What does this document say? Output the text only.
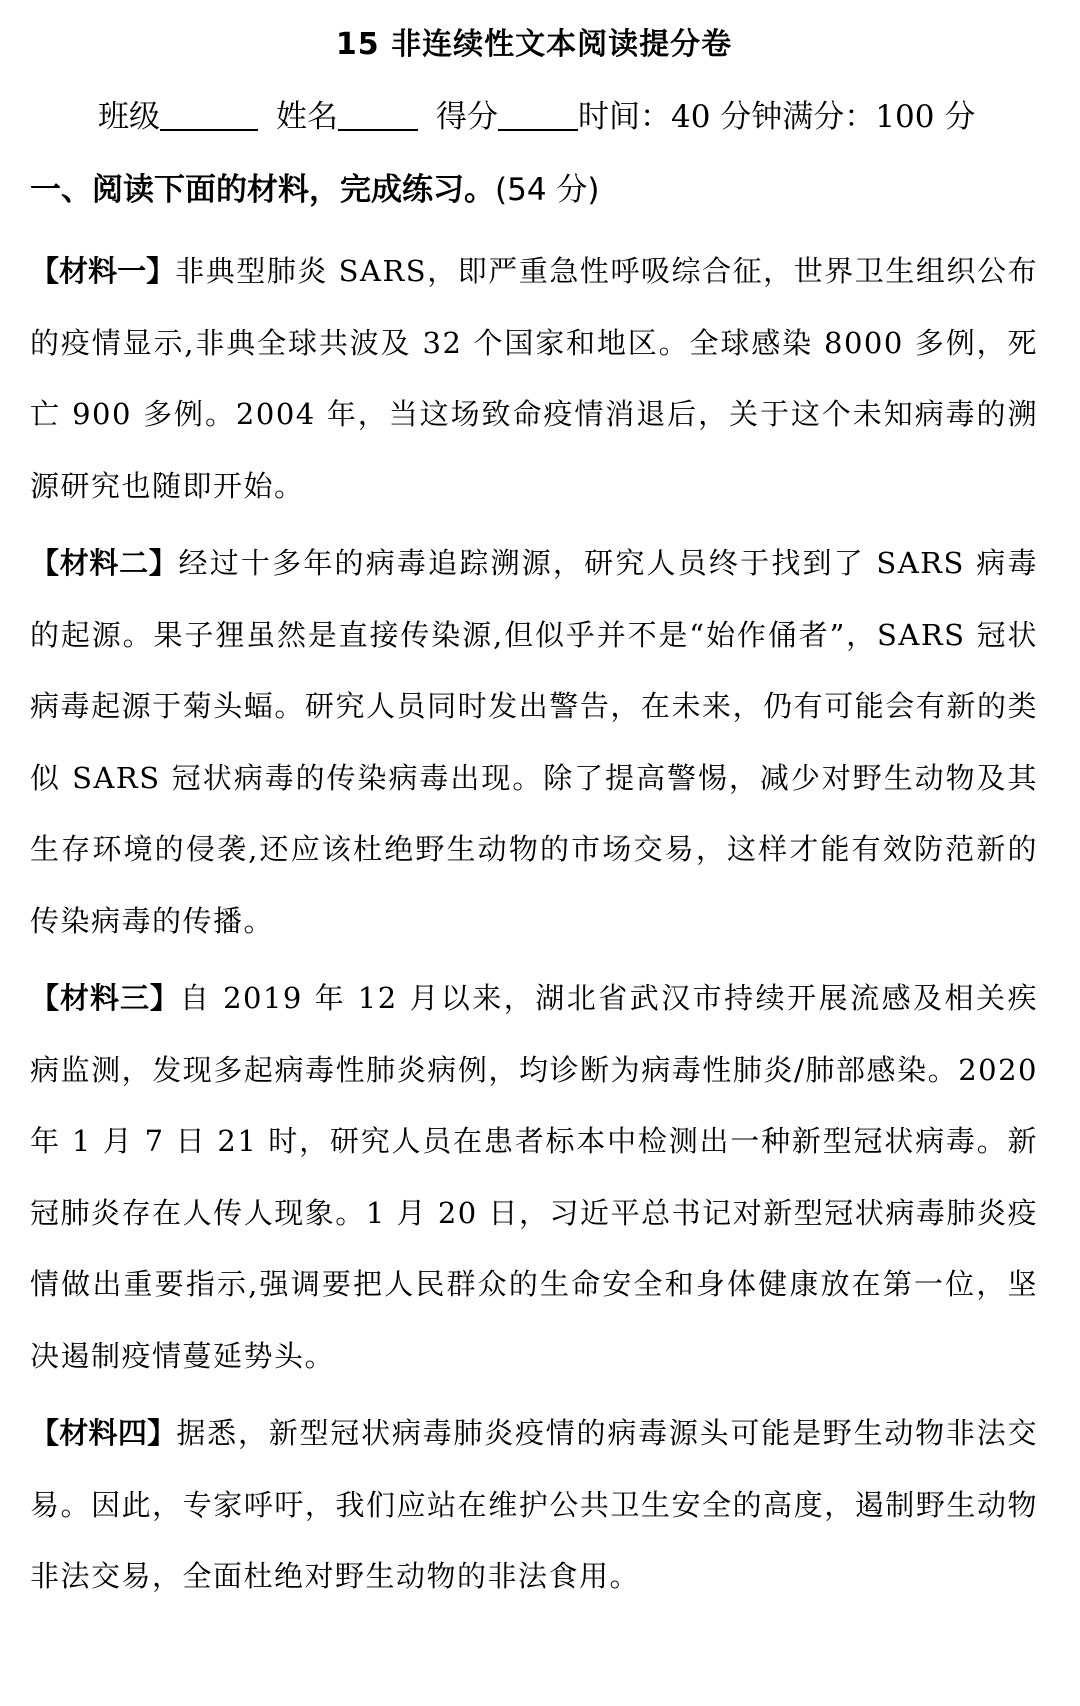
15 非连续性文本阅读提分卷
班级	姓名	得分	时间：40 分钟满分：100 分
一、阅读下面的材料，完成练习。(54 分)

【材料一】非典型肺炎 SARS，即严重急性呼吸综合征，世界卫生组织公布的疫情显示,非典全球共波及 32 个国家和地区。全球感染 8000 多例，死亡 900 多例。2004 年，当这场致命疫情消退后，关于这个未知病毒的溯源研究也随即开始。

【材料二】经过十多年的病毒追踪溯源，研究人员终于找到了 SARS 病毒的起源。果子狸虽然是直接传染源,但似乎并不是“始作俑者”，SARS 冠状病毒起源于菊头蝠。研究人员同时发出警告，在未来，仍有可能会有新的类似 SARS 冠状病毒的传染病毒出现。除了提高警惕，减少对野生动物及其生存环境的侵袭,还应该杜绝野生动物的市场交易，这样才能有效防范新的传染病毒的传播。

【材料三】自 2019 年 12 月以来，湖北省武汉市持续开展流感及相关疾病监测，发现多起病毒性肺炎病例，均诊断为病毒性肺炎/肺部感染。2020 年 1 月 7 日 21 时，研究人员在患者标本中检测出一种新型冠状病毒。新冠肺炎存在人传人现象。1 月 20 日，习近平总书记对新型冠状病毒肺炎疫情做出重要指示,强调要把人民群众的生命安全和身体健康放在第一位，坚决遏制疫情蔓延势头。

【材料四】据悉，新型冠状病毒肺炎疫情的病毒源头可能是野生动物非法交易。因此，专家呼吁，我们应站在维护公共卫生安全的高度，遏制野生动物非法交易，全面杜绝对野生动物的非法食用。
